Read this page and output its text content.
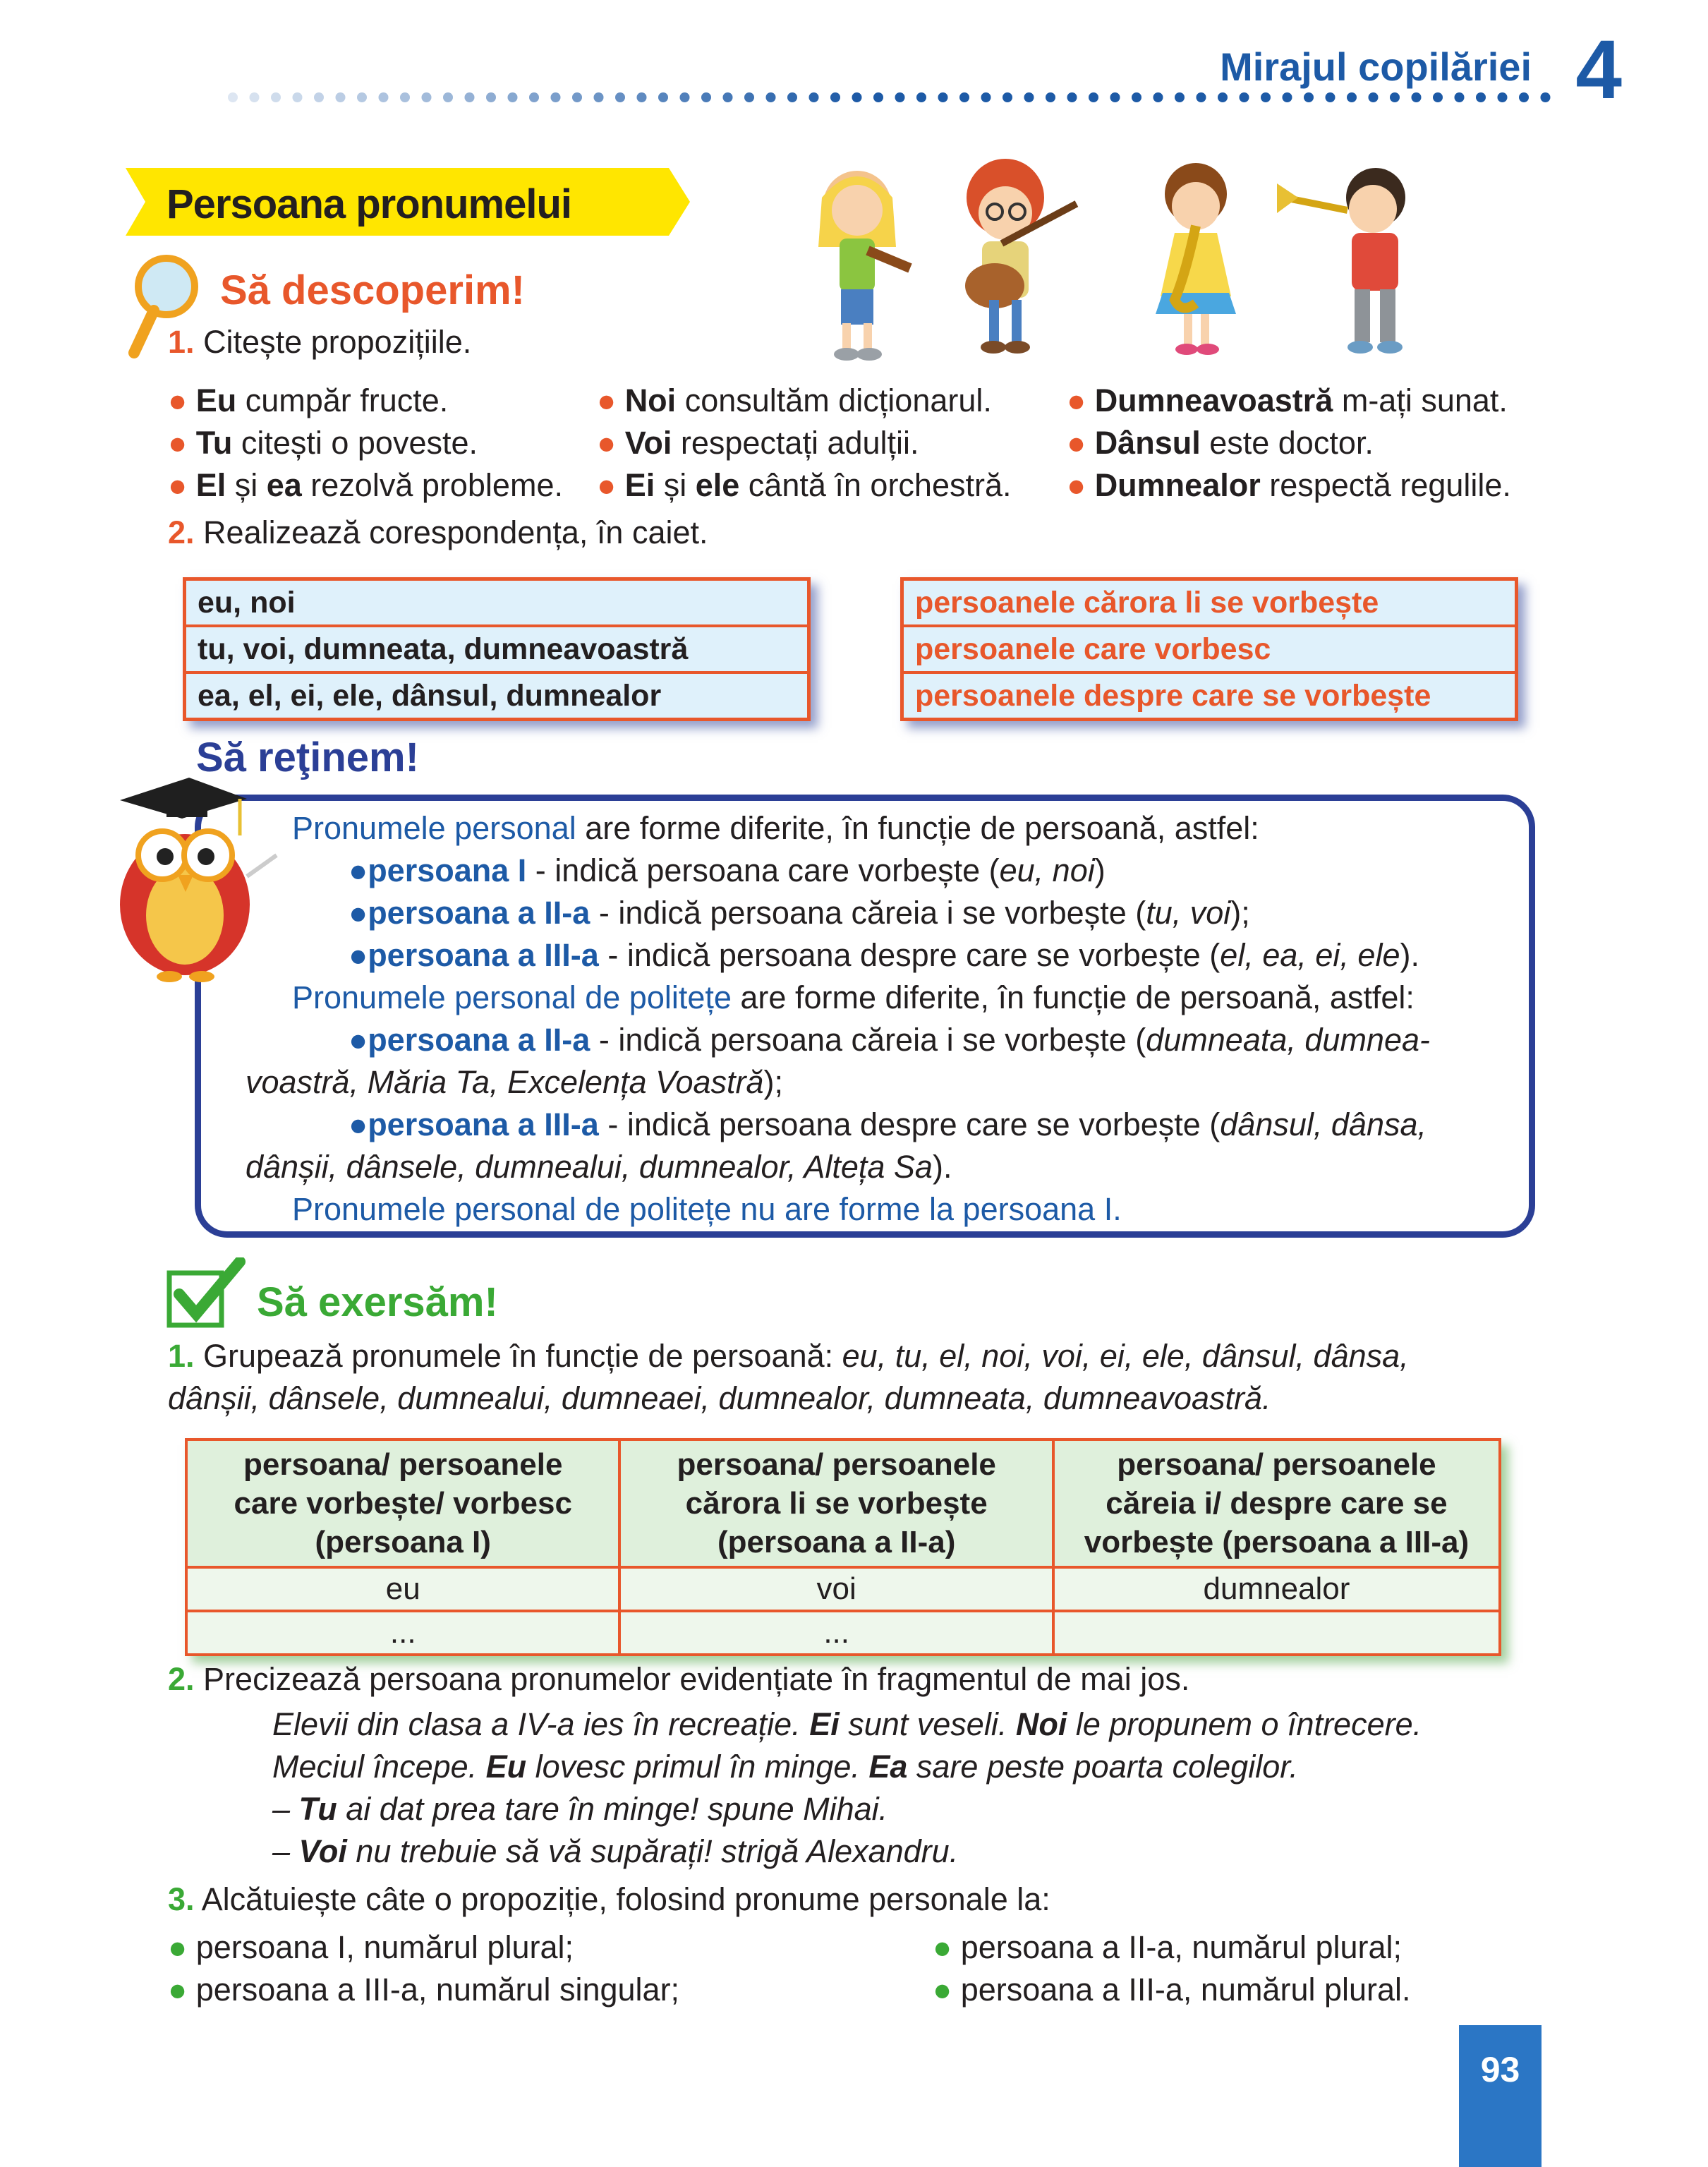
Mirajul copilăriei 4
Persoana pronumelui
Să descoperim!
1. Citește propozițiile.
● Eu cumpăr fructe.
● Tu citești o poveste.
● El și ea rezolvă probleme.
● Noi consultăm dicționarul.
● Voi respectați adulții.
● Ei și ele cântă în orchestră.
● Dumneavoastră m-ați sunat.
● Dânsul este doctor.
● Dumnealor respectă regulile.
2. Realizează corespondența, în caiet.
eu, noi
tu, voi, dumneata, dumneavoastră
ea, el, ei, ele, dânsul, dumnealor
persoanele cărora li se vorbește
persoanele care vorbesc
persoanele despre care se vorbește
Să reţinem!
Pronumele personal are forme diferite, în funcție de persoană, astfel:
●persoana I - indică persoana care vorbește (eu, noi)
●persoana a II-a - indică persoana căreia i se vorbește (tu, voi);
●persoana a III-a - indică persoana despre care se vorbește (el, ea, ei, ele).
Pronumele personal de politețe are forme diferite, în funcție de persoană, astfel:
●persoana a II-a - indică persoana căreia i se vorbește (dumneata, dumnea-
voastră, Măria Ta, Excelența Voastră);
●persoana a III-a - indică persoana despre care se vorbește (dânsul, dânsa,
dânșii, dânsele, dumnealui, dumnealor, Alteța Sa).
Pronumele personal de politețe nu are forme la persoana I.
Să exersăm!
1. Grupează pronumele în funcție de persoană: eu, tu, el, noi, voi, ei, ele, dânsul, dânsa,
dânșii, dânsele, dumnealui, dumneaei, dumnealor, dumneata, dumneavoastră.
persoana/ persoanele
care vorbește/ vorbesc
(persoana I)	persoana/ persoanele
cărora li se vorbește
(persoana a II-a)	persoana/ persoanele
căreia i/ despre care se
vorbește (persoana a III-a)
eu	voi	dumnealor
...	...	
2. Precizează persoana pronumelor evidențiate în fragmentul de mai jos.
Elevii din clasa a IV-a ies în recreație. Ei sunt veseli. Noi le propunem o întrecere.
Meciul începe. Eu lovesc primul în minge. Ea sare peste poarta colegilor.
– Tu ai dat prea tare în minge! spune Mihai.
– Voi nu trebuie să vă supărați! strigă Alexandru.
3. Alcătuiește câte o propoziție, folosind pronume personale la:
● persoana I, numărul plural;	● persoana a II-a, numărul plural;
● persoana a III-a, numărul singular;	● persoana a III-a, numărul plural.
93
